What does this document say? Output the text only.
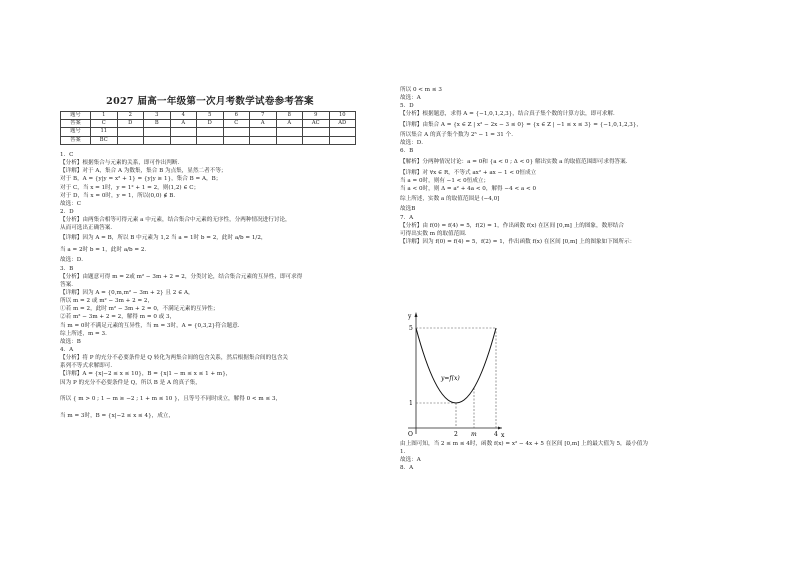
2027 届高一年级第一次月考数学试卷参考答案
题号	1	2	3	4	5	6	7	8	9	10
答案	C	D	B	A	D	C	A	A	AC	AD
题号	11									
答案	BC									
1．C
【分析】根据集合与元素的关系，即可作出判断．
【详解】对于 A，集合 A 为数集，集合 B 为点集，显然二者不等；
对于 B，A = {y|y = x² + 1} = {y|y ≥ 1}，集合 B = A，B；
对于 C，当 x = 1时，y = 1² + 1 = 2，则(1,2) ∈ C；
对于 D，当 x = 0时，y = 1，所以(0,0) ∉ B．
故选：C
2．D
【分析】由两集合相等可得元素 a 中元素，结合集合中元素的无序性，分两种情况进行讨论，
从而可选出正确答案．
【详解】因为 A = B，所以 B 中元素为 1,2 当 a = 1时 b = 2，此时 a/b = 1/2，
当 a = 2时 b = 1，此时 a/b = 2．
故选：D．
3．B
【分析】由题意可得 m = 2或 m² − 3m + 2 = 2，分类讨论，结合集合元素的互异性，即可求得
答案．
【详解】因为 A = {0,m,m² − 3m + 2} 且 2 ∈ A，
所以 m = 2 或 m² − 3m + 2 = 2，
①若 m = 2，此时 m² − 3m + 2 = 0，不满足元素的互异性；
②若 m² − 3m + 2 = 2，解得 m = 0 或 3，
当 m = 0时不满足元素的互异性，当 m = 3时，A = {0,3,2}符合题意．
综上所述，m = 3．
故选：B
4．A
【分析】将 P 的充分不必要条件是 Q 转化为两集合间的包含关系，然后根据集合间的包含关
系列不等式求解即可．
【详解】A = {x|−2 ≤ x ≤ 10}，B = {x|1 − m ≤ x ≤ 1 + m}，
因为 P 的充分不必要条件是 Q，所以 B 是 A 的真子集，
所以 { m > 0 ; 1 − m ≥ −2 ; 1 + m ≤ 10 }，且等号不同时成立，解得 0 < m ≤ 3，
当 m = 3时，B = {x|−2 ≤ x ≤ 4}，成立，
所以 0 < m ≤ 3
故选：A
5．D
【分析】根据题意，求得 A = {−1,0,1,2,3}，结合真子集个数的计算方法，即可求解．
【详解】由集合 A = {x ∈ Z | x² − 2x − 3 ≤ 0} = {x ∈ Z | −1 ≤ x ≤ 3} = {−1,0,1,2,3}，
所以集合 A 的真子集个数为 2⁵ − 1 = 31 个．
故选：D．
6．B
【解析】分两种情况讨论：a = 0和 {a < 0 ; Δ < 0} 解出实数 a 的取值范围即可求得答案．
【详解】对 ∀x ∈ R，不等式 ax² + ax − 1 < 0恒成立
当 a = 0时，则有 −1 < 0恒成立；
当 a < 0时，则 Δ = a² + 4a < 0，解得 −4 < a < 0
综上所述，实数 a 的取值范围是 (−4,0]
故选B
7．A
【分析】由 f(0) = f(4) = 5，f(2) = 1，作出函数 f(x) 在区间 [0,m] 上的图象，数形结合
可得出实数 m 的取值范围．
【详解】因为 f(0) = f(4) = 5，f(2) = 1，作出函数 f(x) 在区间 [0,m] 上的图象如下图所示：
y
x
O
5
1
2 m	4
y=f(x)
由上图可知，当 2 ≤ m ≤ 4时，函数 f(x) = x² − 4x + 5 在区间 [0,m] 上的最大值为 5，最小值为
1．
故选：A
8．A
